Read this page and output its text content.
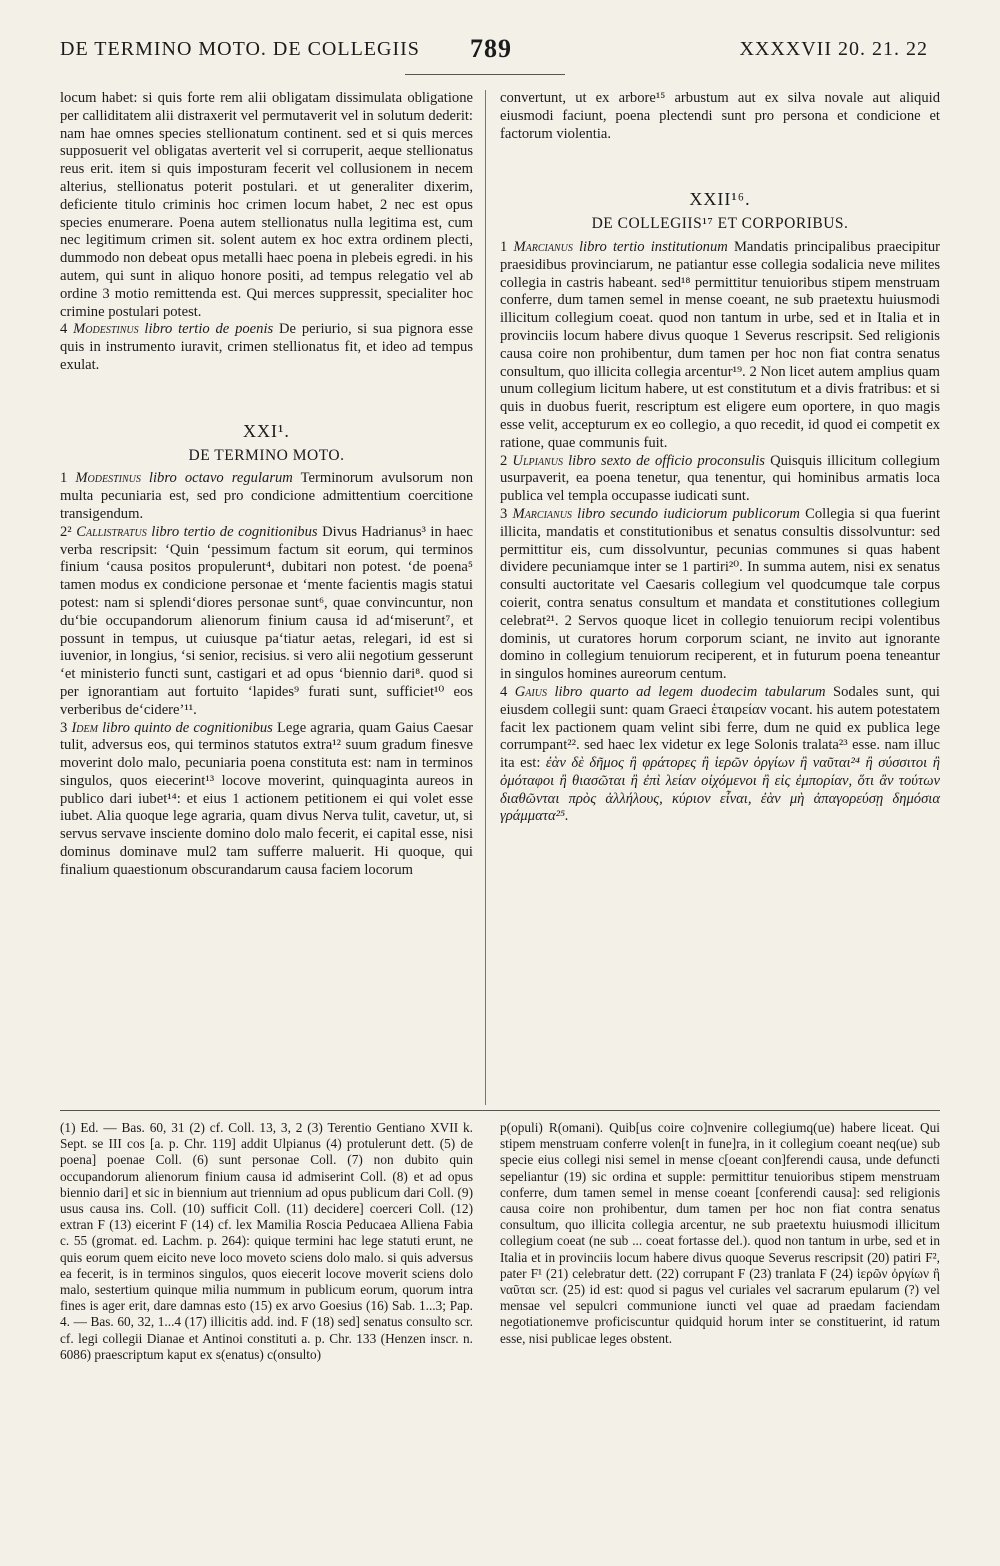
DE TERMINO MOTO. DE COLLEGIIS 789	XXXXVII 20. 21. 22

locum habet: si quis forte rem alii obligatam dissimulata obligatione per calliditatem alii distraxerit vel permutaverit vel in solutum dederit: nam hae omnes species stellionatum continent. sed et si quis merces supposuerit vel obligatas averterit vel si corruperit, aeque stellionatus reus erit. item si quis imposturam fecerit vel collusionem in necem alterius, stellionatus poterit postulari. et ut generaliter dixerim, deficiente titulo criminis hoc crimen locum habet, 2 nec est opus species enumerare. Poena autem stellionatus nulla legitima est, cum nec legitimum crimen sit. solent autem ex hoc extra ordinem plecti, dummodo non debeat opus metalli haec poena in plebeis egredi. in his autem, qui sunt in aliquo honore positi, ad tempus relegatio vel ab ordine 3 motio remittenda est. Qui merces suppressit, specialiter hoc crimine postulari potest.

4 Modestinus libro tertio de poenis De periurio, si sua pignora esse quis in instrumento iuravit, crimen stellionatus fit, et ideo ad tempus exulat.

XXI¹.
DE TERMINO MOTO.

1 Modestinus libro octavo regularum Terminorum avulsorum non multa pecuniaria est, sed pro condicione admittentium coercitione transigendum.

2² Callistratus libro tertio de cognitionibus Divus Hadrianus³ in haec verba rescripsit: ‘Quin ‘pessimum factum sit eorum, qui terminos finium ‘causa positos propulerunt⁴, dubitari non potest. ‘de poena⁵ tamen modus ex condicione personae et ‘mente facientis magis statui potest: nam si splendi‘diores personae sunt⁶, quae convincuntur, non du‘bie occupandorum alienorum finium causa id ad‘miserunt⁷, et possunt in tempus, ut cuiusque pa‘tiatur aetas, relegari, id est si iuvenior, in longius, ‘si senior, recisius. si vero alii negotium gesserunt ‘et ministerio functi sunt, castigari et ad opus ‘biennio dari⁸. quod si per ignorantiam aut fortuito ‘lapides⁹ furati sunt, sufficiet¹⁰ eos verberibus de‘cidere’¹¹.

3 Idem libro quinto de cognitionibus Lege agraria, quam Gaius Caesar tulit, adversus eos, qui terminos statutos extra¹² suum gradum finesve moverint dolo malo, pecuniaria poena constituta est: nam in terminos singulos, quos eiecerint¹³ locove moverint, quinquaginta aureos in publico dari iubet¹⁴: et eius 1 actionem petitionem ei qui volet esse iubet. Alia quoque lege agraria, quam divus Nerva tulit, cavetur, ut, si servus servave insciente domino dolo malo fecerit, ei capital esse, nisi dominus dominave mul2 tam sufferre maluerit. Hi quoque, qui finalium quaestionum obscurandarum causa faciem locorum

convertunt, ut ex arbore¹⁵ arbustum aut ex silva novale aut aliquid eiusmodi faciunt, poena plectendi sunt pro persona et condicione et factorum violentia.

XXII¹⁶.
DE COLLEGIIS¹⁷ ET CORPORIBUS.

1 Marcianus libro tertio institutionum Mandatis principalibus praecipitur praesidibus provinciarum, ne patiantur esse collegia sodalicia neve milites collegia in castris habeant. sed¹⁸ permittitur tenuioribus stipem menstruam conferre, dum tamen semel in mense coeant, ne sub praetextu huiusmodi illicitum collegium coeat. quod non tantum in urbe, sed et in Italia et in provinciis locum habere divus quoque 1 Severus rescripsit. Sed religionis causa coire non prohibentur, dum tamen per hoc non fiat contra senatus consultum, quo illicita collegia arcentur¹⁹. 2 Non licet autem amplius quam unum collegium licitum habere, ut est constitutum et a divis fratribus: et si quis in duobus fuerit, rescriptum est eligere eum oportere, in quo magis esse velit, accepturum ex eo collegio, a quo recedit, id quod ei competit ex ratione, quae communis fuit.

2 Ulpianus libro sexto de officio proconsulis Quisquis illicitum collegium usurpaverit, ea poena tenetur, qua tenentur, qui hominibus armatis loca publica vel templa occupasse iudicati sunt.

3 Marcianus libro secundo iudiciorum publicorum Collegia si qua fuerint illicita, mandatis et constitutionibus et senatus consultis dissolvuntur: sed permittitur eis, cum dissolvuntur, pecunias communes si quas habent dividere pecuniamque inter se 1 partiri²⁰. In summa autem, nisi ex senatus consulti auctoritate vel Caesaris collegium vel quodcumque tale corpus coierit, contra senatus consultum et mandata et constitutiones collegium celebrat²¹. 2 Servos quoque licet in collegio tenuiorum recipi volentibus dominis, ut curatores horum corporum sciant, ne invito aut ignorante domino in collegium tenuiorum reciperent, et in futurum poena teneantur in singulos homines aureorum centum.

4 Gaius libro quarto ad legem duodecim tabularum Sodales sunt, qui eiusdem collegii sunt: quam Graeci ἑταιρείαν vocant. his autem potestatem facit lex pactionem quam velint sibi ferre, dum ne quid ex publica lege corrumpant²². sed haec lex videtur ex lege Solonis tralata²³ esse. nam illuc ita est: ἐὰν δὲ δῆμος ἢ φράτορες ἢ ἱερῶν ὀργίων ἢ ναῦται²⁴ ἢ σύσσιτοι ἢ ὁμόταφοι ἢ θιασῶται ἢ ἐπὶ λείαν οἰχόμενοι ἢ εἰς ἐμπορίαν, ὅτι ἂν τούτων διαθῶνται πρὸς ἀλλήλους, κύριον εἶναι, ἐὰν μὴ ἀπαγορεύσῃ δημόσια γράμματα²⁵.

(1) Ed. — Bas. 60, 31 (2) cf. Coll. 13, 3, 2 (3) Terentio Gentiano XVII k. Sept. se III cos [a. p. Chr. 119] addit Ulpianus (4) protulerunt dett. (5) de poena] poenae Coll. (6) sunt personae Coll. (7) non dubito quin occupandorum alienorum finium causa id admiserint Coll. (8) et ad opus biennio dari] et sic in biennium aut triennium ad opus publicum dari Coll. (9) usus causa ins. Coll. (10) sufficit Coll. (11) decidere] coerceri Coll. (12) extran F (13) eicerint F (14) cf. lex Mamilia Roscia Peducaea Alliena Fabia c. 55 (gromat. ed. Lachm. p. 264): quique termini hac lege statuti erunt, ne quis eorum quem eicito neve loco moveto sciens dolo malo. si quis adversus ea fecerit, is in terminos singulos, quos eiecerit locove moverit sciens dolo malo, sestertium quinque milia nummum in publicum eorum, quorum intra fines is ager erit, dare damnas esto (15) ex arvo Goesius (16) Sab. 1...3; Pap. 4. — Bas. 60, 32, 1...4 (17) illicitis add. ind. F (18) sed] senatus consulto scr. cf. legi collegii Dianae et Antinoi constituti a. p. Chr. 133 (Henzen inscr. n. 6086) praescriptum kaput ex s(enatus) c(onsulto)

p(opuli) R(omani). Quib[us coire co]nvenire collegiumq(ue) habere liceat. Qui stipem menstruam conferre volen[t in fune]ra, in it collegium coeant neq(ue) sub specie eius collegi nisi semel in mense c[oeant con]ferendi causa, unde defuncti sepeliantur (19) sic ordina et supple: permittitur tenuioribus stipem menstruam conferre, dum tamen semel in mense coeant [conferendi causa]: sed religionis causa coire non prohibentur, dum tamen per hoc non fiat contra senatus consultum, quo illicita collegia arcentur, ne sub praetextu huiusmodi illicitum collegium coeat (ne sub ... coeat fortasse del.). quod non tantum in urbe, sed et in Italia et in provinciis locum habere divus quoque Severus rescripsit (20) patiri F², pater F¹ (21) celebratur dett. (22) corrupant F (23) tranlata F (24) ἱερῶν ὀργίων ἢ ναῦται scr. (25) id est: quod si pagus vel curiales vel sacrarum epularum (?) vel mensae vel sepulcri communione iuncti vel quae ad praedam faciendam negotiationemve proficiscuntur quidquid horum inter se constituerint, id ratum esse, nisi publicae leges obstent.
